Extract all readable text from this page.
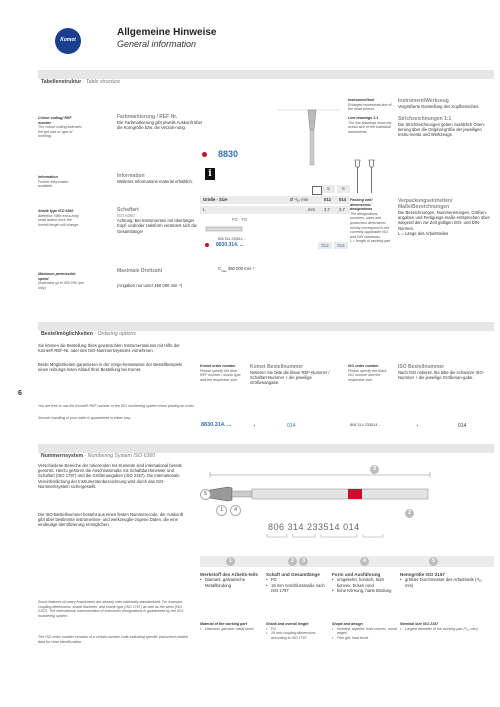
Komet
Allgemeine Hinweise
General information
6
Tabellenstruktur · Table structure
Instrument/tool
Enlarged representa-tion of the head portion.
Instrument/Werkzeug
Vergrößerte Darstellung des Kopfbereiches.
Colour coding/ REF number
The colour coding indicates the grit size or type of toothing.
Farbmarkierung / REF Nr.
Die Farbmarkierung gibt jeweils Auskunft über die Korngröße bzw. die Verzah-nung.
Line drawings 1:1
The line drawings show the actual size of the individual instruments.
Strichzeichnungen 1:1
Die Strichzeichnungen geben zusätzlich Orien-tierung über die Original-größe der jeweiligen Instru-mente und Werkzeuge.
8830
Information
Further information available.
Information
Weiteres Informations-material erhältlich.
i
5	5
Größe · Size	Ø ¹/₁₀ mm	012 014
L	mm 2,7 2,7
Shank type ISO 6360
Attention: With extra-long head and/or neck the overall length will change.
Schaftart
ISO 6360
Achtung: Bei Instrumenten mit überlanger Kopf- und/oder Halsform verändert sich die Gesamtlänge!
FG · FG
806 314 233514 ...
8830.314. ...	012	014
Packing unit/ dimensions/ designations
The designations, numbers, sizes and production dimensions mostly correspond to the currently applicable ISO and DIN standards.
L = length of working part
Verpackungseinheiten/ Maße/Bezeichnungen
Die Bezeichnungen, Nummerierungen, Größen-angaben und Fertigungs-maße entsprechen über-wiegend den zur Zeit gültigen ISO- und DIN-Normen.
L = Länge des Arbeitsteiles
Maximum permissible speed
(Indicated up to 450.000 rpm only)
Maximale Drehzahl
(Angaben nur unter 450 000 min⁻¹)
$C_{max}$ 450 000 min⁻¹
Bestellmöglichkeiten · Ordering options
Sie können die Bestellung Ihres gewünschten Instrumentariums mit Hilfe der Komet® REF-Nr. oder des ISO-Nummernsystems vornehmen.
Beide Möglichkeiten garantieren in der Vorge-henssweise der Bestellbeispiele einen reibungs-losen Ablauf Ihrer Bestellung bei Komet.
You are free to use the Komet® REF number or the ISO numbering system when placing an order.
Smooth handling of your order is guaranteed in either way.
Komet order number
Please specify the blue REF number / shank type and the respective size.
Komet Bestellnummer
Notieren Sie bitte die blaue REF-Nummer / Schaftart-Nummer + die jeweilige Größenangabe.
8830.314. ...	+	014
ISO order number
Please specify the black ISO number and the respective size.
ISO Bestellnummer
Nach ISO notieren Sie bitte die schwarze ISO-Nummer + die jeweilige Größenan-gabe.
806 314 233514 ...	+	014
Nummernsystem · Numbering System ISO 6360
Verschiedene Bereiche der rotierenden Ins-trumente sind international bereits genormt. Hierzu gehören die Anschlussmaße mit Schaftdurchmesser und Schaftart (ISO 1797) und die Größenangaben (ISO 2157). Die internationale Vereinheitlichung der Instrumentenbezeichnung wird durch das ISO-Nummernsystem sichergestellt.
Die ISO-Bestellnummer besteht aus einen festen Nummerncode, der Auskunft gibt über bestimmte instrumenten- und werkzeugbe-zogene Daten, die eine eindeutige Identifizierung ermöglichen.
3
5
1	4	2
806 314 233514 014
1	2	3	4	5
Some features of rotary instruments are already inter-nationally standardized. For example, coupling dimensions, shank diameter, and shank type (ISO 1797) as well as the sizes (ISO 2157). The international harmonization of instrument designations is guaranteed by the ISO numbering system.
The ISO order number consists of a certain number code indicating specific instrument related data for clear identifi-cation.
Werkstoff des Arbeits-teils
• Diamant, galvanische Metallbindung
Material of the working part
• Diamond, galvanic metal bond
Schaft und Gesamtlänge
• FG
• 19 mm Anschlussmaße nach ISO 1797
Shank and overall length
• FG
• 19 mm coupling dimensions according to ISO 1797
Form und Ausführung
• umgekehrt, konisch, Stirn konvex, Ecken rund
• feine Körnung, harte Bindung
Shape and design
• Inverted, tapered, front convex, round edges
• Fine grit, hard bond
Nenngröße ISO 2157
• größter Durchmesser des Arbeitsteils (¹/₁₀ mm)
Nominal size ISO 2157
• Largest diameter of the working part (¹/₁₀ mm)
